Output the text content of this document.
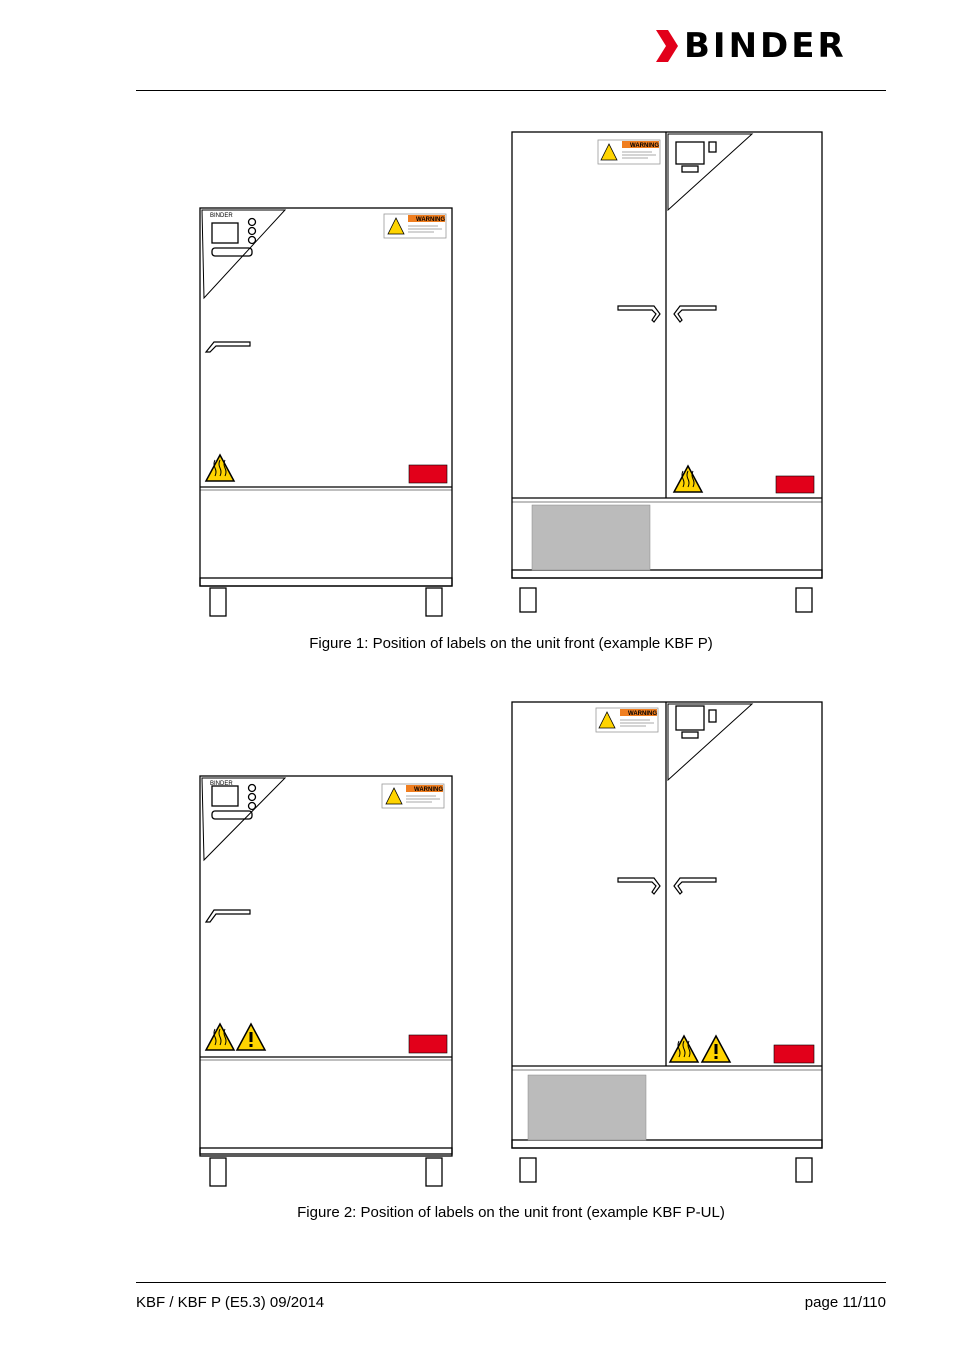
BINDER
BINDER
WARNING
WARNING
Figure 1: Position of labels on the unit front (example KBF P)
BINDER
WARNING
WARNING
Figure 2: Position of labels on the unit front (example KBF P-UL)
KBF / KBF P (E5.3) 09/2014	page 11/110
